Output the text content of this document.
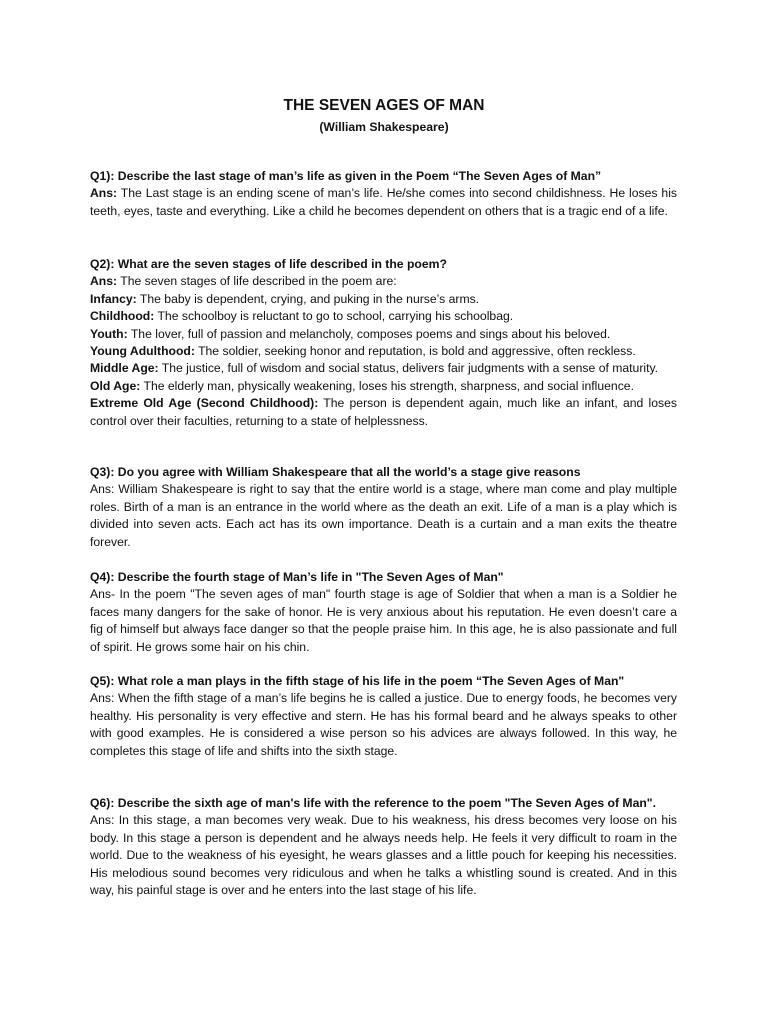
THE SEVEN AGES OF MAN
(William Shakespeare)

Q1): Describe the last stage of man’s life as given in the Poem “The Seven Ages of Man”

Ans: The Last stage is an ending scene of man’s life. He/she comes into second childishness. He loses his teeth, eyes, taste and everything. Like a child he becomes dependent on others that is a tragic end of a life.

Q2): What are the seven stages of life described in the poem?

Ans: The seven stages of life described in the poem are:

Infancy: The baby is dependent, crying, and puking in the nurse’s arms.

Childhood: The schoolboy is reluctant to go to school, carrying his schoolbag.

Youth: The lover, full of passion and melancholy, composes poems and sings about his beloved.

Young Adulthood: The soldier, seeking honor and reputation, is bold and aggressive, often reckless.

Middle Age: The justice, full of wisdom and social status, delivers fair judgments with a sense of maturity.

Old Age: The elderly man, physically weakening, loses his strength, sharpness, and social influence.

Extreme Old Age (Second Childhood): The person is dependent again, much like an infant, and loses control over their faculties, returning to a state of helplessness.

Q3): Do you agree with William Shakespeare that all the world’s a stage give reasons

Ans: William Shakespeare is right to say that the entire world is a stage, where man come and play multiple roles. Birth of a man is an entrance in the world where as the death an exit. Life of a man is a play which is divided into seven acts. Each act has its own importance. Death is a curtain and a man exits the theatre forever.

Q4): Describe the fourth stage of Man’s life in "The Seven Ages of Man"

Ans- In the poem "The seven ages of man" fourth stage is age of Soldier that when a man is a Soldier he faces many dangers for the sake of honor. He is very anxious about his reputation. He even doesn’t care a fig of himself but always face danger so that the people praise him. In this age, he is also passionate and full of spirit. He grows some hair on his chin.

Q5): What role a man plays in the fifth stage of his life in the poem “The Seven Ages of Man"

Ans: When the fifth stage of a man’s life begins he is called a justice. Due to energy foods, he becomes very healthy. His personality is very effective and stern. He has his formal beard and he always speaks to other with good examples. He is considered a wise person so his advices are always followed. In this way, he completes this stage of life and shifts into the sixth stage.

Q6): Describe the sixth age of man's life with the reference to the poem "The Seven Ages of Man".

Ans: In this stage, a man becomes very weak. Due to his weakness, his dress becomes very loose on his body. In this stage a person is dependent and he always needs help. He feels it very difficult to roam in the world. Due to the weakness of his eyesight, he wears glasses and a little pouch for keeping his necessities. His melodious sound becomes very ridiculous and when he talks a whistling sound is created. And in this way, his painful stage is over and he enters into the last stage of his life.
